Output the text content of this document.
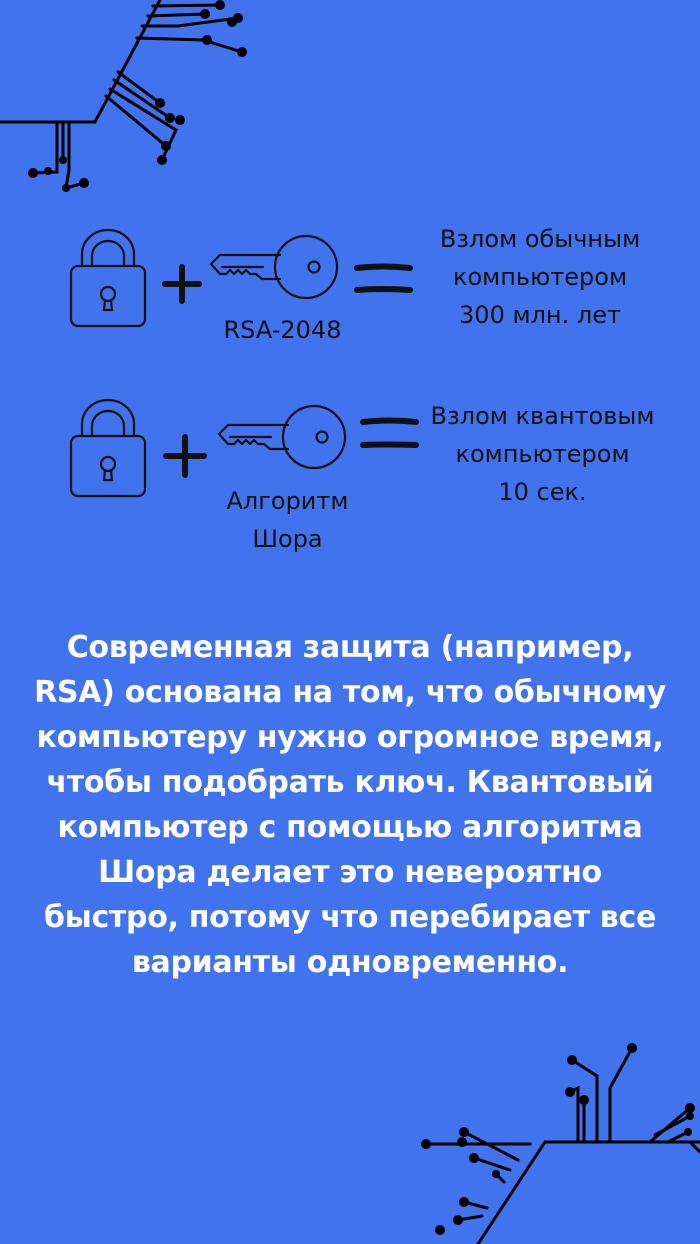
RSA-2048
Взлом обычным
компьютером
300 млн. лет
Алгоритм
Шора
Взлом квантовым
компьютером
10 сек.
Современная защита (например,
RSA) основана на том, что обычному
компьютеру нужно огромное время,
чтобы подобрать ключ. Квантовый
компьютер с помощью алгоритма
Шора делает это невероятно
быстро, потому что перебирает все
варианты одновременно.
